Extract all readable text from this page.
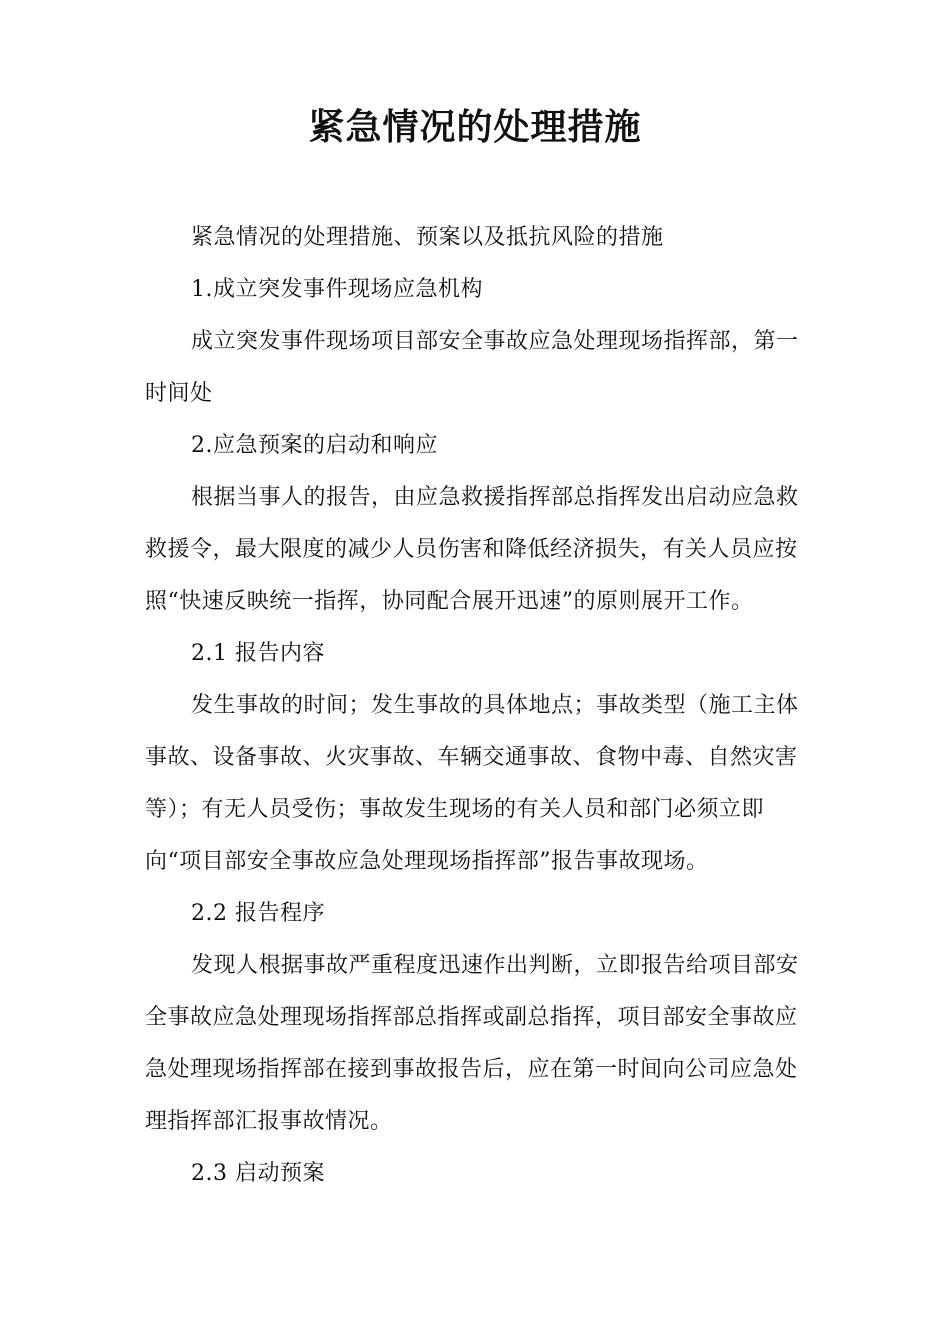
紧急情况的处理措施

紧急情况的处理措施、预案以及抵抗风险的措施

1.成立突发事件现场应急机构

成立突发事件现场项目部安全事故应急处理现场指挥部，第一时间处

2.应急预案的启动和响应

根据当事人的报告，由应急救援指挥部总指挥发出启动应急救救援令，最大限度的减少人员伤害和降低经济损失，有关人员应按照“快速反映统一指挥，协同配合展开迅速”的原则展开工作。

2.1 报告内容

发生事故的时间；发生事故的具体地点；事故类型（施工主体事故、设备事故、火灾事故、车辆交通事故、食物中毒、自然灾害等）；有无人员受伤；事故发生现场的有关人员和部门必须立即向“项目部安全事故应急处理现场指挥部”报告事故现场。

2.2 报告程序

发现人根据事故严重程度迅速作出判断，立即报告给项目部安全事故应急处理现场指挥部总指挥或副总指挥，项目部安全事故应急处理现场指挥部在接到事故报告后，应在第一时间向公司应急处理指挥部汇报事故情况。

2.3 启动预案
